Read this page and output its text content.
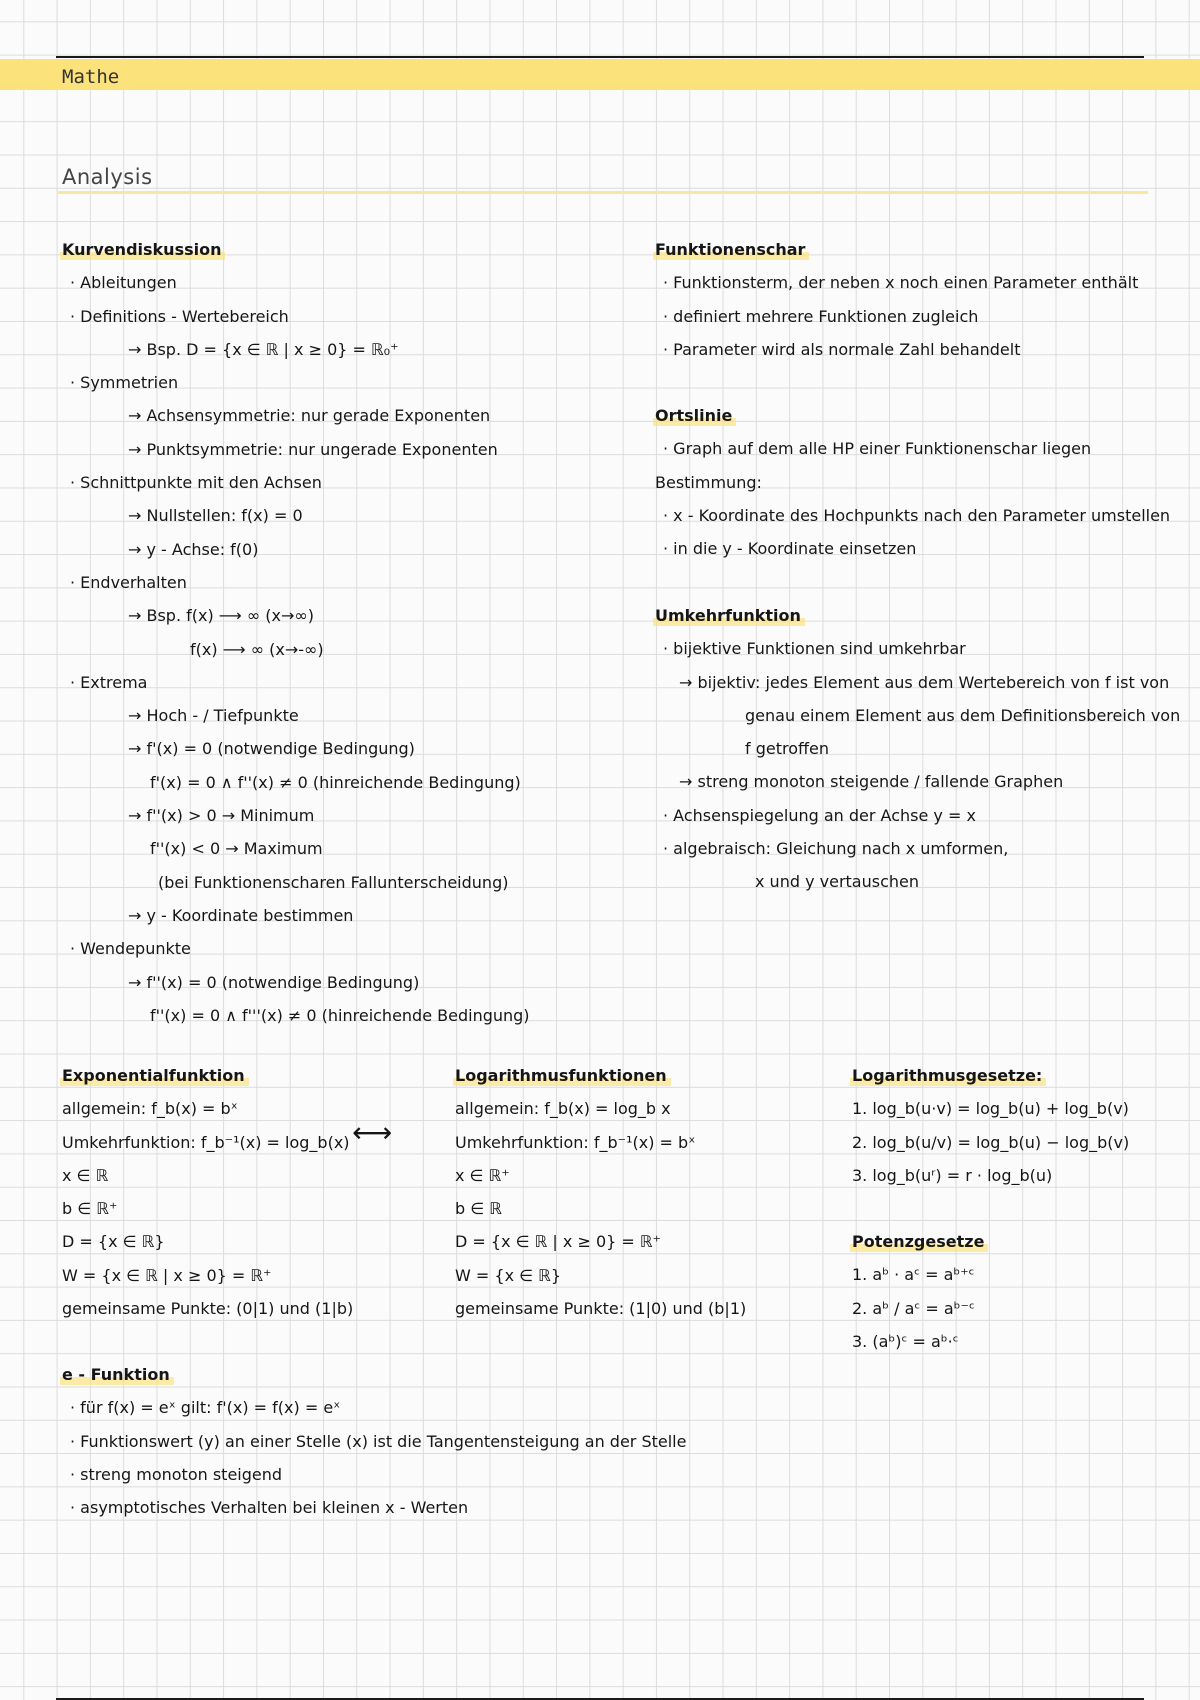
Mathe
Analysis
Kurvendiskussion
· Ableitungen
· Definitions - Wertebereich
→ Bsp. D = {x ∈ ℝ | x ≥ 0} = ℝ₀⁺
· Symmetrien
→ Achsensymmetrie: nur gerade Exponenten
→ Punktsymmetrie: nur ungerade Exponenten
· Schnittpunkte mit den Achsen
→ Nullstellen: f(x) = 0
→ y - Achse: f(0)
· Endverhalten
→ Bsp. f(x) ⟶ ∞ (x→∞)
f(x) ⟶ ∞ (x→-∞)
· Extrema
→ Hoch - / Tiefpunkte
→ f'(x) = 0 (notwendige Bedingung)
f'(x) = 0 ∧ f''(x) ≠ 0 (hinreichende Bedingung)
→ f''(x) > 0 → Minimum
f''(x) < 0 → Maximum
(bei Funktionenscharen Fallunterscheidung)
→ y - Koordinate bestimmen
· Wendepunkte
→ f''(x) = 0 (notwendige Bedingung)
f''(x) = 0 ∧ f'''(x) ≠ 0 (hinreichende Bedingung)
Funktionenschar
· Funktionsterm, der neben x noch einen Parameter enthält
· definiert mehrere Funktionen zugleich
· Parameter wird als normale Zahl behandelt
Ortslinie
· Graph auf dem alle HP einer Funktionenschar liegen
Bestimmung:
· x - Koordinate des Hochpunkts nach den Parameter umstellen
· in die y - Koordinate einsetzen
Umkehrfunktion
· bijektive Funktionen sind umkehrbar
→ bijektiv: jedes Element aus dem Wertebereich von f ist von
genau einem Element aus dem Definitionsbereich von
f getroffen
→ streng monoton steigende / fallende Graphen
· Achsenspiegelung an der Achse y = x
· algebraisch: Gleichung nach x umformen,
x und y vertauschen
Exponentialfunktion
allgemein: f_b(x) = bˣ
Umkehrfunktion: f_b⁻¹(x) = log_b(x)
x ∈ ℝ
b ∈ ℝ⁺
D = {x ∈ ℝ}
W = {x ∈ ℝ | x ≥ 0} = ℝ⁺
gemeinsame Punkte: (0|1) und (1|b)
⟷
Logarithmusfunktionen
allgemein: f_b(x) = log_b x
Umkehrfunktion: f_b⁻¹(x) = bˣ
x ∈ ℝ⁺
b ∈ ℝ
D = {x ∈ ℝ | x ≥ 0} = ℝ⁺
W = {x ∈ ℝ}
gemeinsame Punkte: (1|0) und (b|1)
Logarithmusgesetze:
1. log_b(u·v) = log_b(u) + log_b(v)
2. log_b(u/v) = log_b(u) − log_b(v)
3. log_b(uʳ) = r · log_b(u)
Potenzgesetze
1. aᵇ · aᶜ = aᵇ⁺ᶜ
2. aᵇ / aᶜ = aᵇ⁻ᶜ
3. (aᵇ)ᶜ = aᵇ·ᶜ
e - Funktion
· für f(x) = eˣ gilt: f'(x) = f(x) = eˣ
· Funktionswert (y) an einer Stelle (x) ist die Tangentensteigung an der Stelle
· streng monoton steigend
· asymptotisches Verhalten bei kleinen x - Werten
